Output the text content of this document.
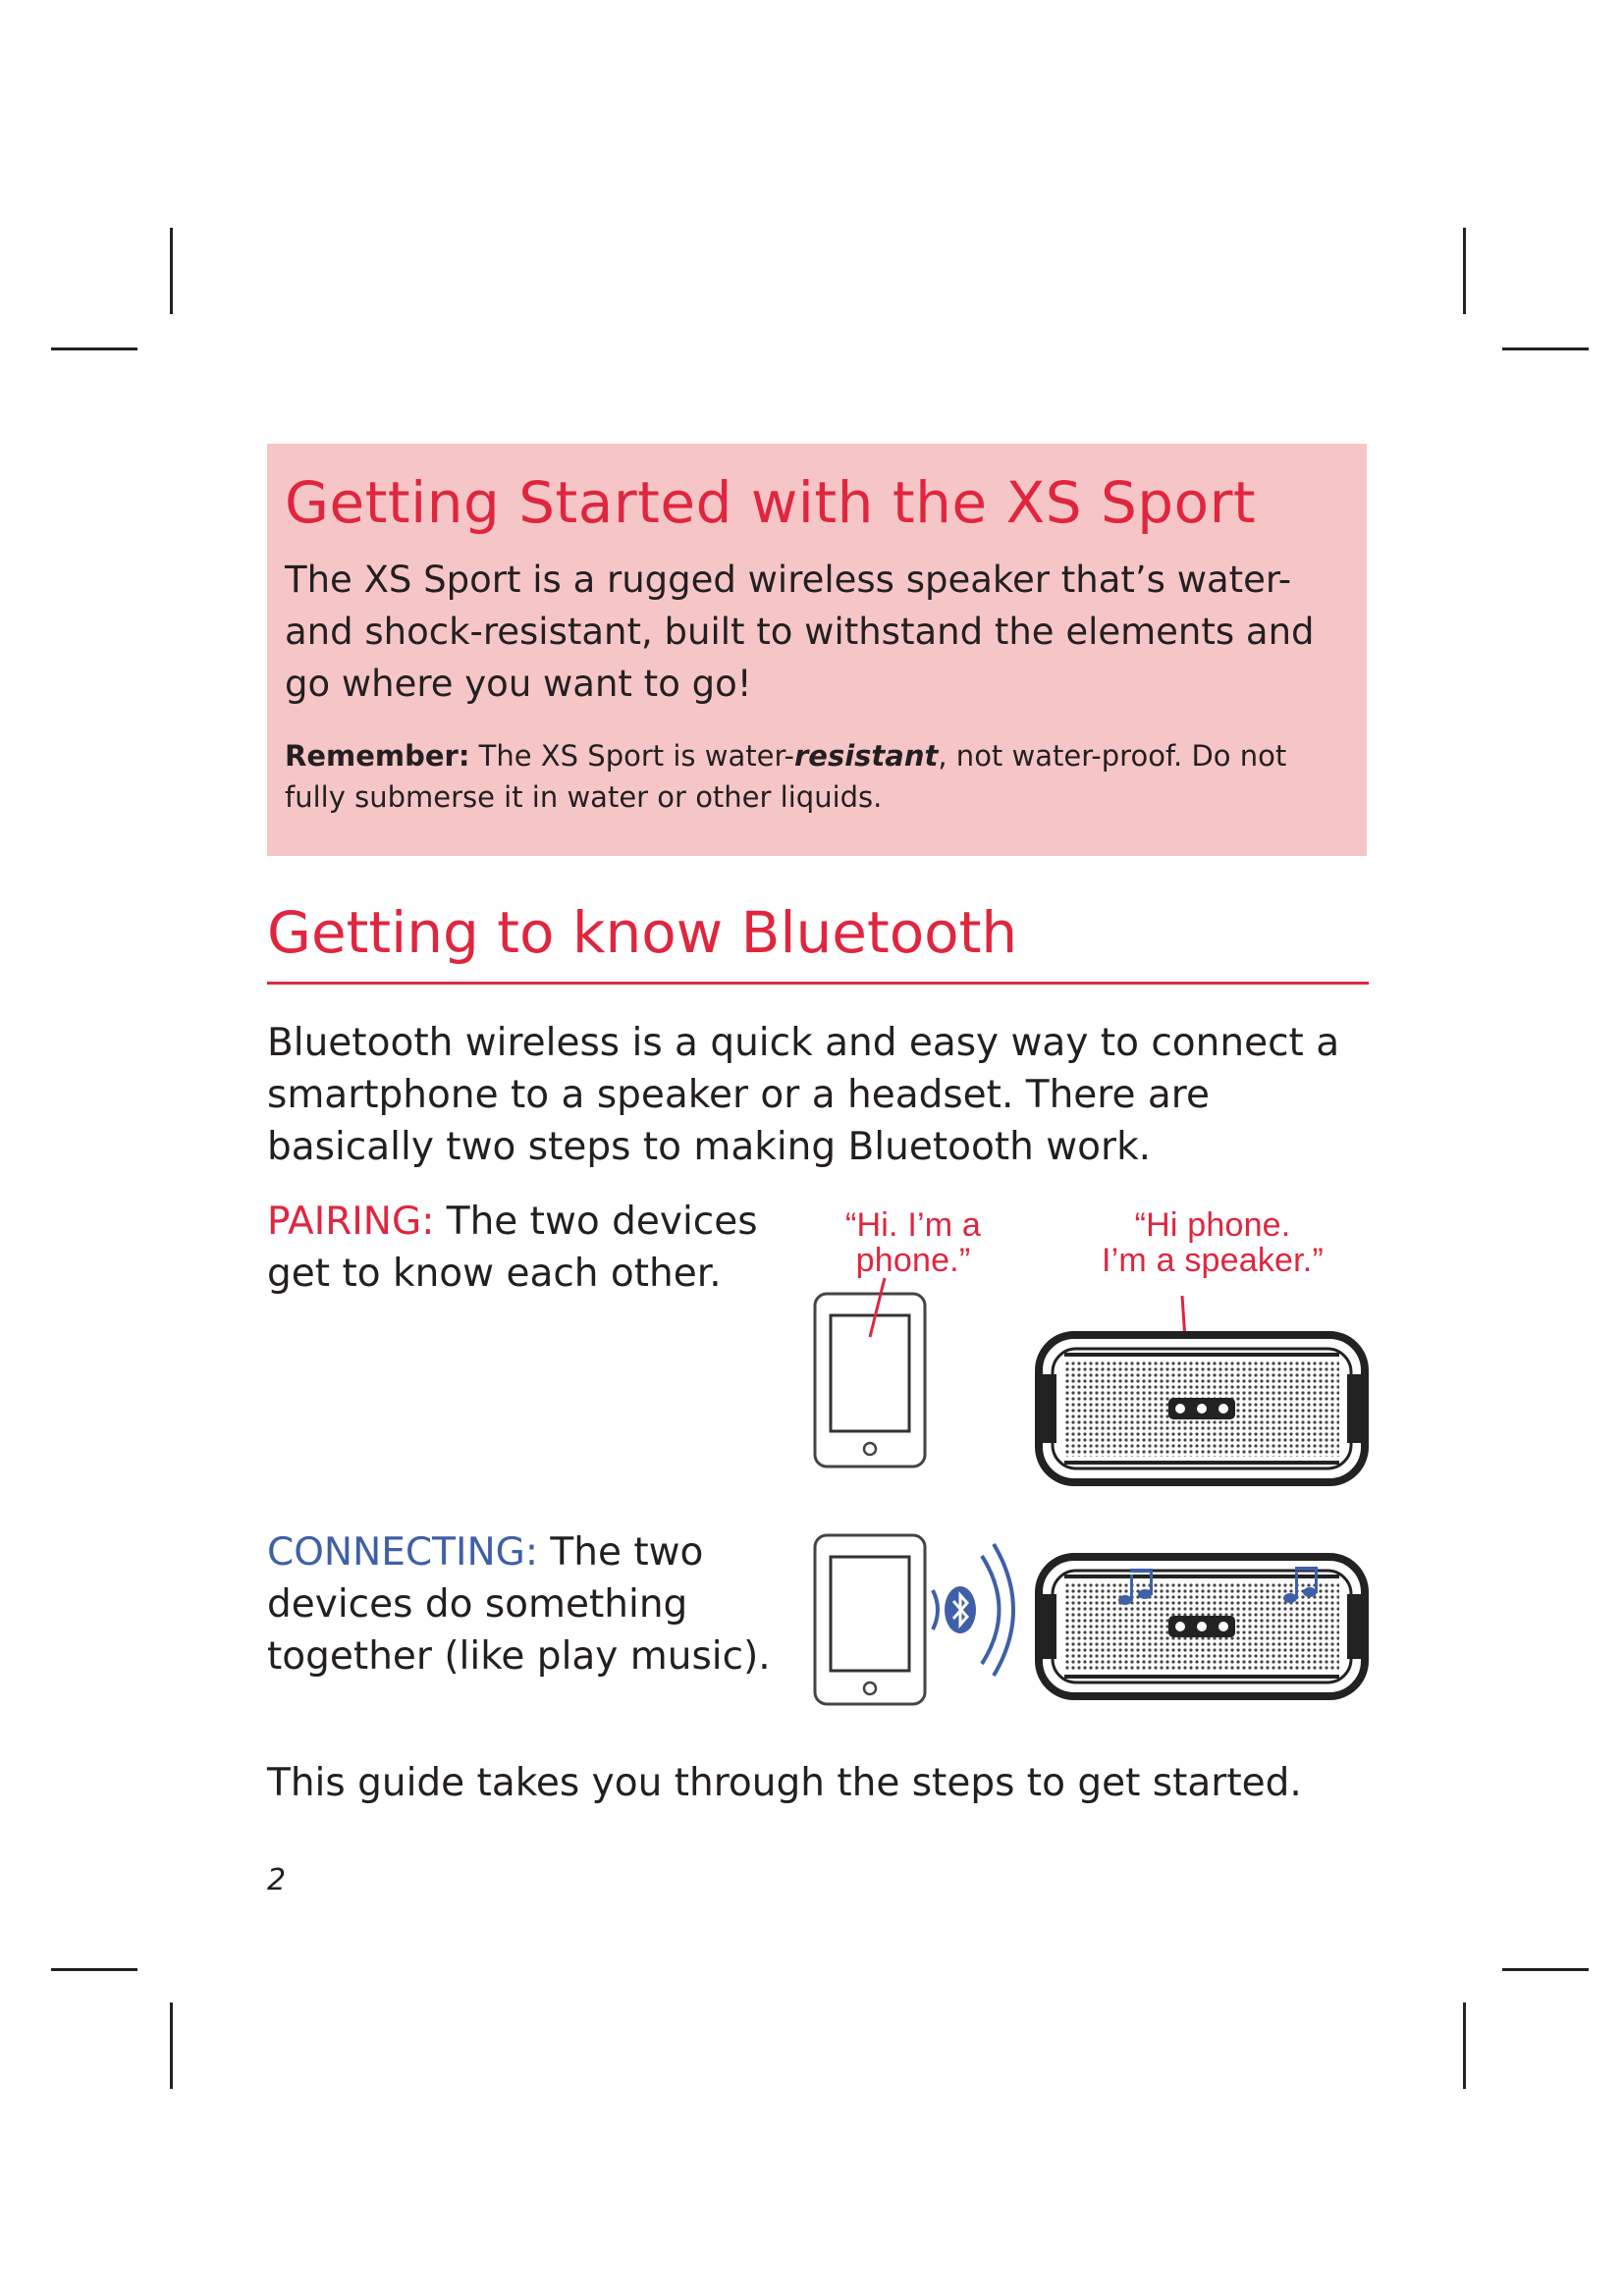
Getting Started with the XS Sport

The XS Sport is a rugged wireless speaker that’s water-and shock-resistant, built to withstand the elements and go where you want to go!

Remember: The XS Sport is water-resistant, not water-proof. Do not fully submerse it in water or other liquids.

Getting to know Bluetooth

Bluetooth wireless is a quick and easy way to connect a smartphone to a speaker or a headset. There are basically two steps to making Bluetooth work.

PAIRING: The two devices get to know each other.

“Hi. I’m a
phone.”
“Hi phone.
I’m a speaker.”

CONNECTING: The two devices do something together (like play music).

This guide takes you through the steps to get started.

2
